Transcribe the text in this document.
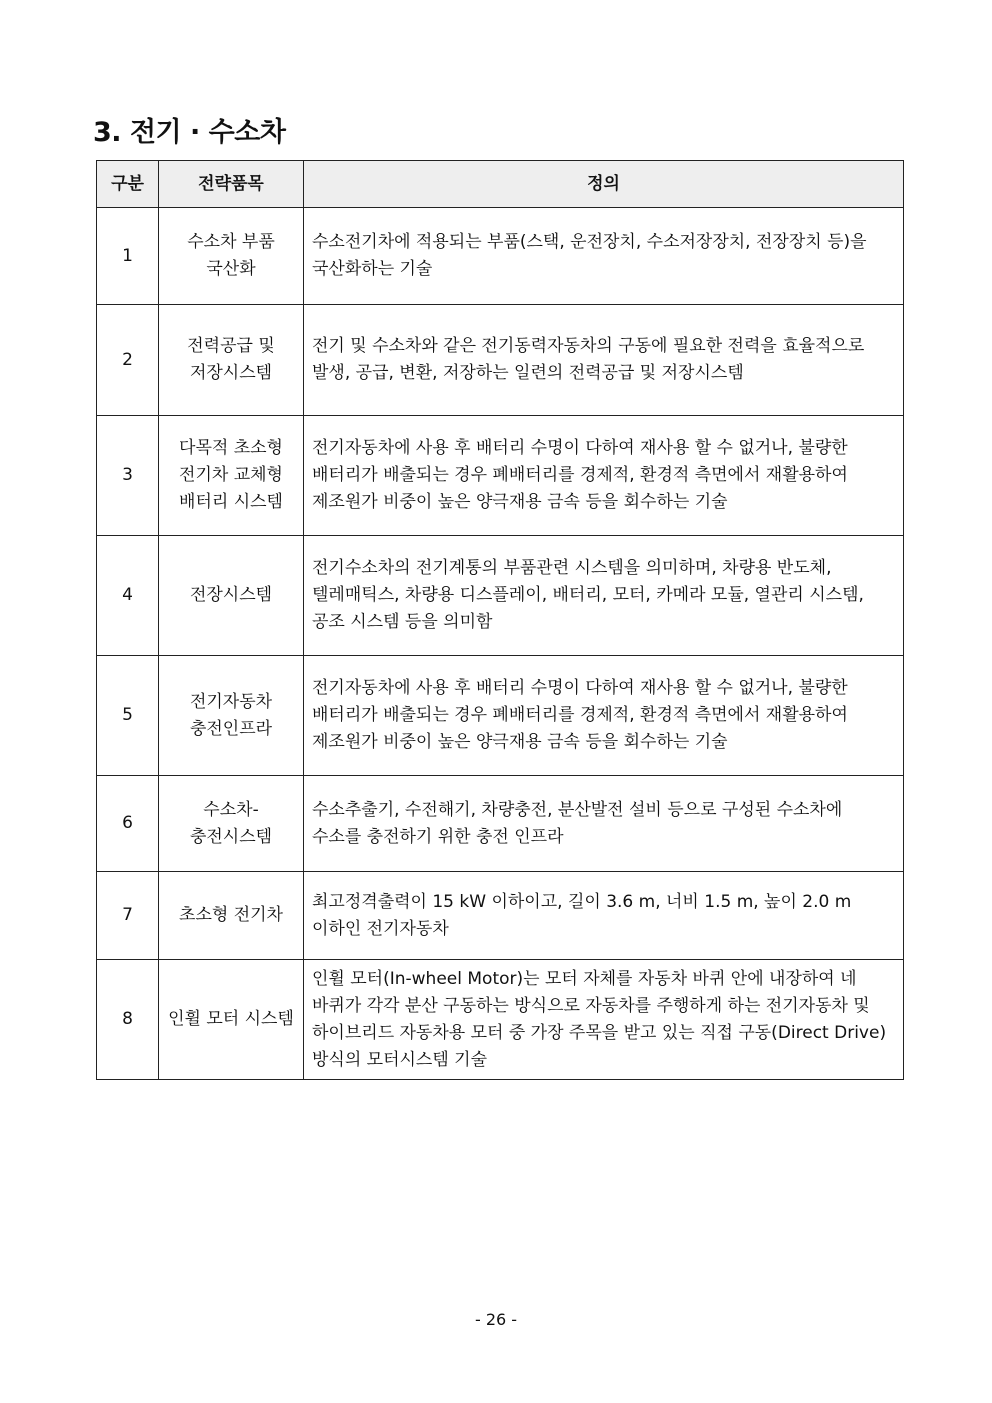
3. 전기 · 수소차
구분	전략품목	정의
1	수소차 부품 국산화	수소전기차에 적용되는 부품(스택, 운전장치, 수소저장장치, 전장장치 등)을 국산화하는 기술
2	전력공급 및 저장시스템	전기 및 수소차와 같은 전기동력자동차의 구동에 필요한 전력을 효율적으로 발생, 공급, 변환, 저장하는 일련의 전력공급 및 저장시스템
3	다목적 초소형 전기차 교체형 배터리 시스템	전기자동차에 사용 후 배터리 수명이 다하여 재사용 할 수 없거나, 불량한 배터리가 배출되는 경우 폐배터리를 경제적, 환경적 측면에서 재활용하여 제조원가 비중이 높은 양극재용 금속 등을 회수하는 기술
4	전장시스템	전기수소차의 전기계통의 부품관련 시스템을 의미하며, 차량용 반도체, 텔레매틱스, 차량용 디스플레이, 배터리, 모터, 카메라 모듈, 열관리 시스템, 공조 시스템 등을 의미함
5	전기자동차 충전인프라	전기자동차에 사용 후 배터리 수명이 다하여 재사용 할 수 없거나, 불량한 배터리가 배출되는 경우 폐배터리를 경제적, 환경적 측면에서 재활용하여 제조원가 비중이 높은 양극재용 금속 등을 회수하는 기술
6	수소차-충전시스템	수소추출기, 수전해기, 차량충전, 분산발전 설비 등으로 구성된 수소차에 수소를 충전하기 위한 충전 인프라
7	초소형 전기차	최고정격출력이 15 kW 이하이고, 길이 3.6 m, 너비 1.5 m, 높이 2.0 m 이하인 전기자동차
8	인휠 모터 시스템	인휠 모터(In-wheel Motor)는 모터 자체를 자동차 바퀴 안에 내장하여 네 바퀴가 각각 분산 구동하는 방식으로 자동차를 주행하게 하는 전기자동차 및 하이브리드 자동차용 모터 중 가장 주목을 받고 있는 직접 구동(Direct Drive) 방식의 모터시스템 기술
- 26 -
